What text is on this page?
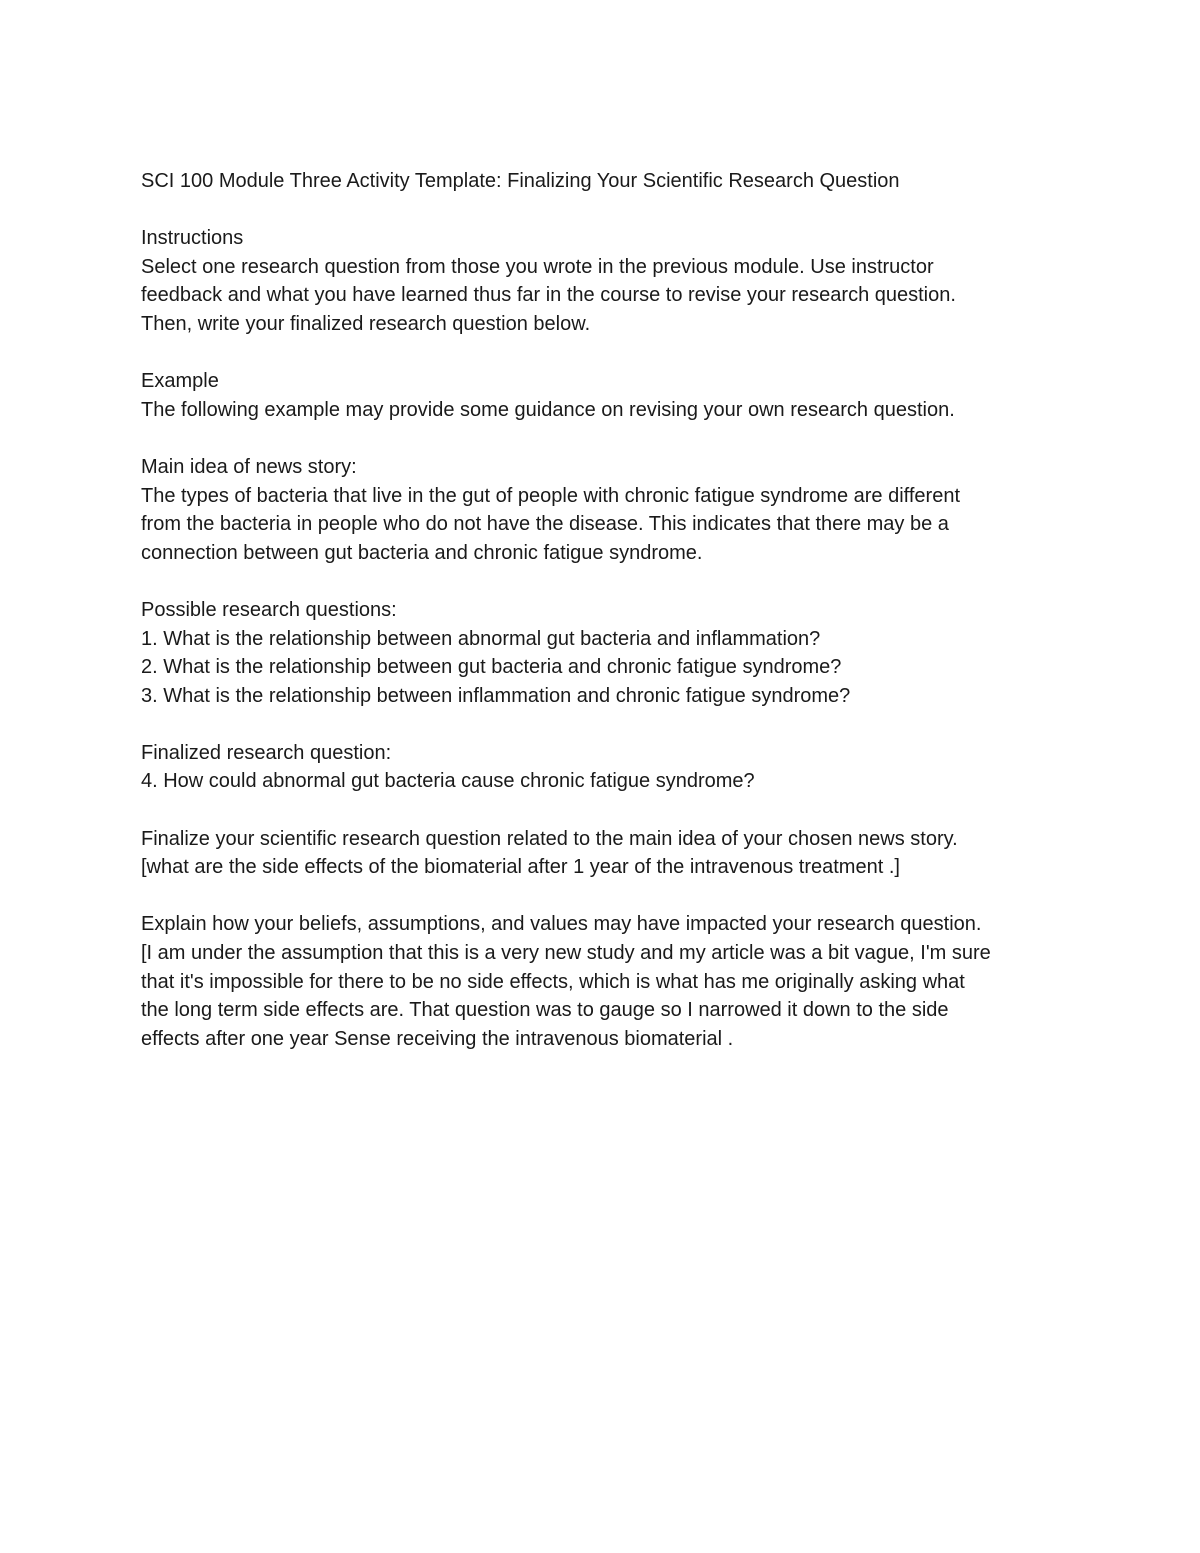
SCI 100 Module Three Activity Template: Finalizing Your Scientific Research Question
Instructions
Select one research question from those you wrote in the previous module. Use instructor
feedback and what you have learned thus far in the course to revise your research question.
Then, write your finalized research question below.
Example
The following example may provide some guidance on revising your own research question.
Main idea of news story:
The types of bacteria that live in the gut of people with chronic fatigue syndrome are different
from the bacteria in people who do not have the disease. This indicates that there may be a
connection between gut bacteria and chronic fatigue syndrome.
Possible research questions:
1. What is the relationship between abnormal gut bacteria and inflammation?
2. What is the relationship between gut bacteria and chronic fatigue syndrome?
3. What is the relationship between inflammation and chronic fatigue syndrome?
Finalized research question:
4. How could abnormal gut bacteria cause chronic fatigue syndrome?
Finalize your scientific research question related to the main idea of your chosen news story.
[what are the side effects of the biomaterial after 1 year of the intravenous treatment .]
Explain how your beliefs, assumptions, and values may have impacted your research question.
[I am under the assumption that this is a very new study and my article was a bit vague, I'm sure
that it's impossible for there to be no side effects, which is what has me originally asking what
the long term side effects are. That question was to gauge so I narrowed it down to the side
effects after one year Sense receiving the intravenous biomaterial .
